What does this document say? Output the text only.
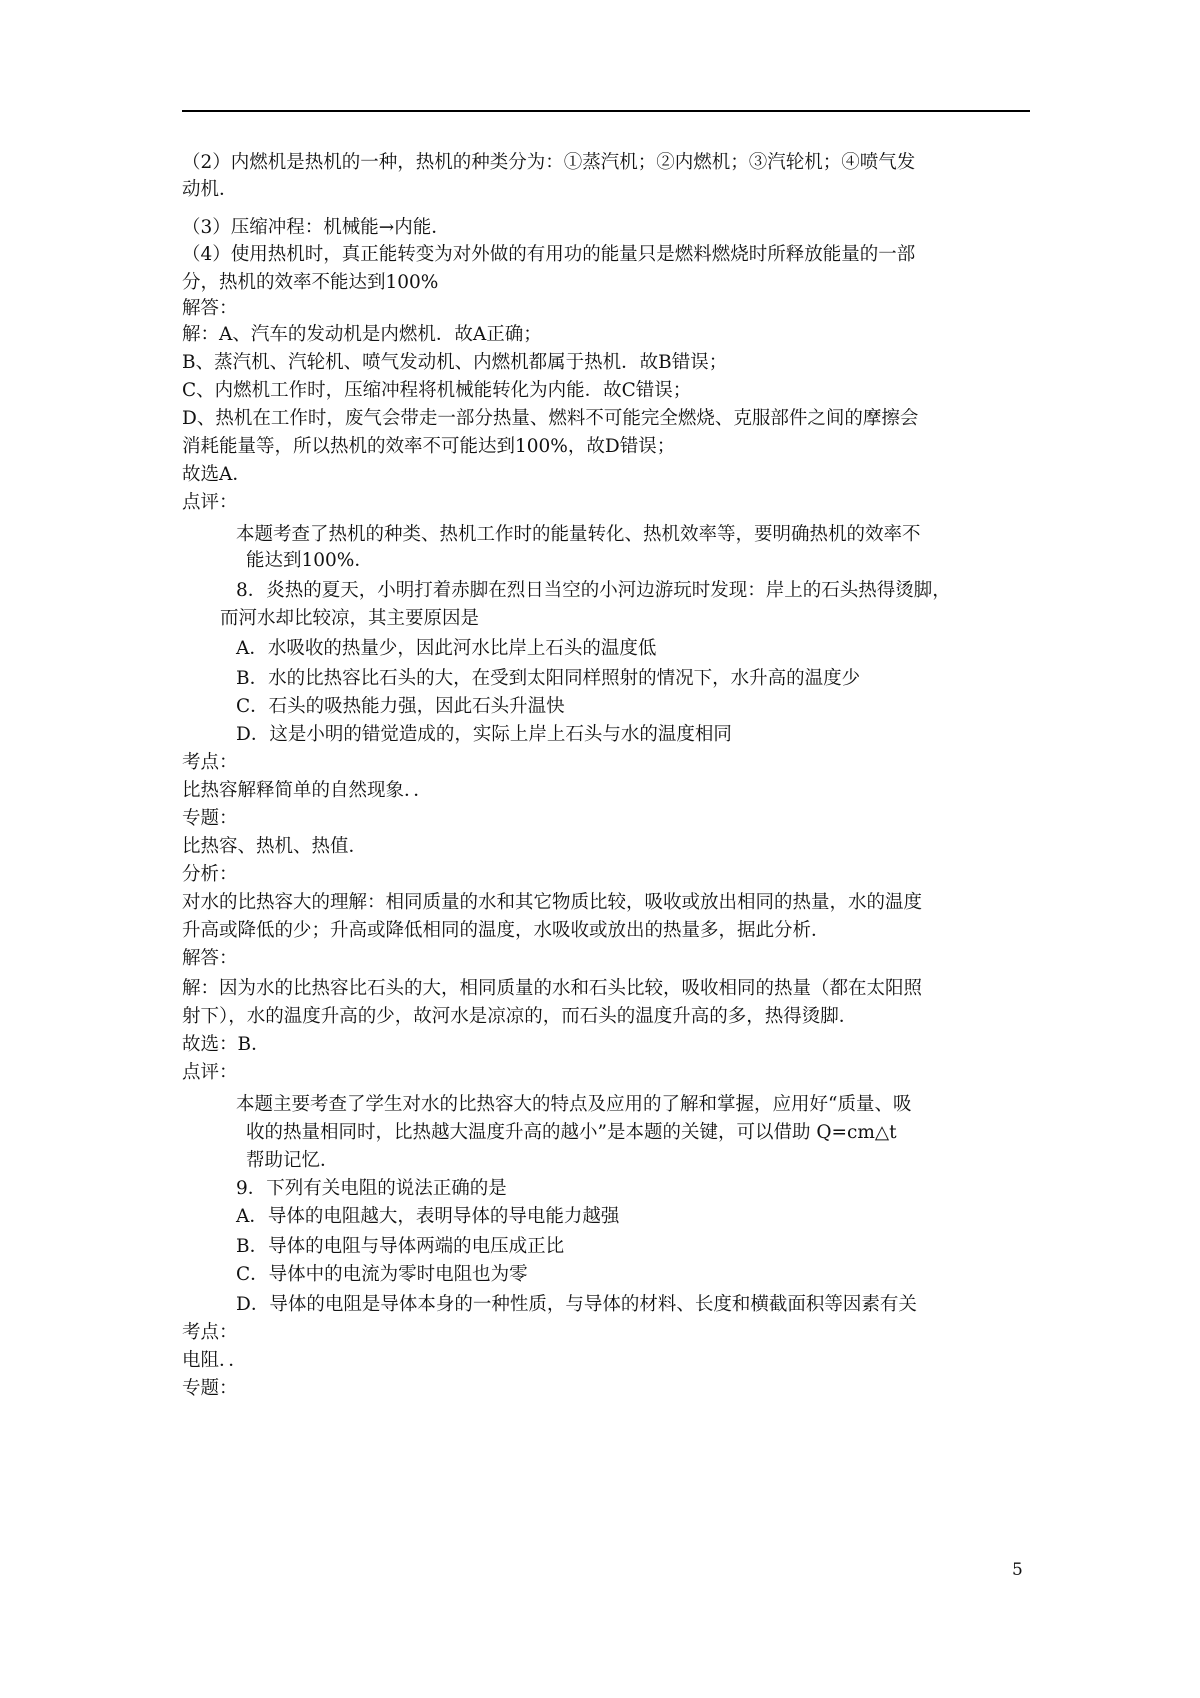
（2）内燃机是热机的一种，热机的种类分为：①蒸汽机；②内燃机；③汽轮机；④喷气发
动机．
（3）压缩冲程：机械能→内能．
（4）使用热机时，真正能转变为对外做的有用功的能量只是燃料燃烧时所释放能量的一部
分，热机的效率不能达到100%
解答：
解：A、汽车的发动机是内燃机．故A正确；
B、蒸汽机、汽轮机、喷气发动机、内燃机都属于热机．故B错误；
C、内燃机工作时，压缩冲程将机械能转化为内能．故C错误；
D、热机在工作时，废气会带走一部分热量、燃料不可能完全燃烧、克服部件之间的摩擦会
消耗能量等，所以热机的效率不可能达到100%，故D错误；
故选A．
点评：
本题考查了热机的种类、热机工作时的能量转化、热机效率等，要明确热机的效率不
能达到100%．
8．炎热的夏天，小明打着赤脚在烈日当空的小河边游玩时发现：岸上的石头热得烫脚，
而河水却比较凉，其主要原因是
A．水吸收的热量少，因此河水比岸上石头的温度低
B．水的比热容比石头的大，在受到太阳同样照射的情况下，水升高的温度少
C．石头的吸热能力强，因此石头升温快
D．这是小明的错觉造成的，实际上岸上石头与水的温度相同
考点：
比热容解释简单的自然现象．．
专题：
比热容、热机、热值．
分析：
对水的比热容大的理解：相同质量的水和其它物质比较，吸收或放出相同的热量，水的温度
升高或降低的少；升高或降低相同的温度，水吸收或放出的热量多，据此分析．
解答：
解：因为水的比热容比石头的大，相同质量的水和石头比较，吸收相同的热量（都在太阳照
射下），水的温度升高的少，故河水是凉凉的，而石头的温度升高的多，热得烫脚．
故选：B．
点评：
本题主要考查了学生对水的比热容大的特点及应用的了解和掌握，应用好“质量、吸
收的热量相同时，比热越大温度升高的越小”是本题的关键，可以借助 Q=cm△t
帮助记忆．
9．下列有关电阻的说法正确的是
A．导体的电阻越大，表明导体的导电能力越强
B．导体的电阻与导体两端的电压成正比
C．导体中的电流为零时电阻也为零
D．导体的电阻是导体本身的一种性质，与导体的材料、长度和横截面积等因素有关
考点：
电阻．．
专题：
5
